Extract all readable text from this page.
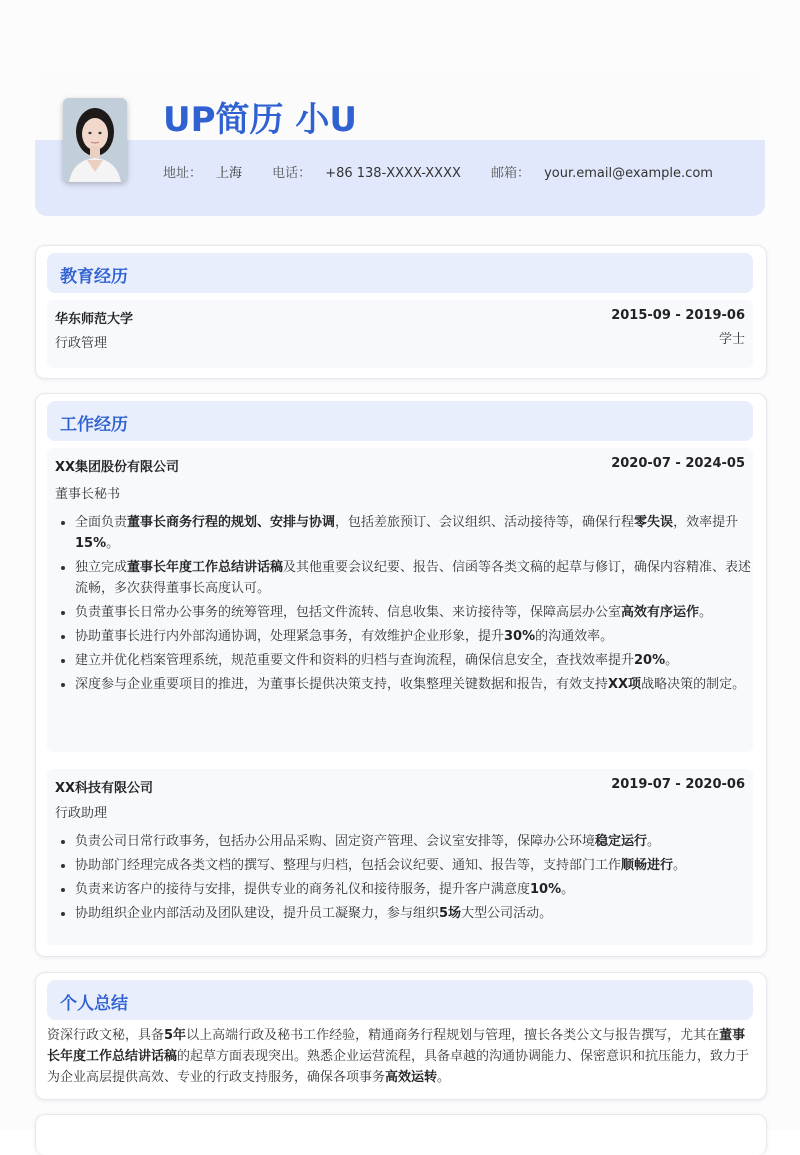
UP简历 小U
地址： 上海 电话： +86 138-XXXX-XXXX 邮箱： your.email@example.com
教育经历
华东师范大学	2015-09 - 2019-06
行政管理	学士
工作经历
XX集团股份有限公司	2020-07 - 2024-05
董事长秘书
• 全面负责董事长商务行程的规划、安排与协调，包括差旅预订、会议组织、活动接待等，确保行程零失误，效率提升15%。
• 独立完成董事长年度工作总结讲话稿及其他重要会议纪要、报告、信函等各类文稿的起草与修订，确保内容精准、表述流畅，多次获得董事长高度认可。
• 负责董事长日常办公事务的统筹管理，包括文件流转、信息收集、来访接待等，保障高层办公室高效有序运作。
• 协助董事长进行内外部沟通协调，处理紧急事务，有效维护企业形象，提升30%的沟通效率。
• 建立并优化档案管理系统，规范重要文件和资料的归档与查询流程，确保信息安全，查找效率提升20%。
• 深度参与企业重要项目的推进，为董事长提供决策支持，收集整理关键数据和报告，有效支持XX项战略决策的制定。
XX科技有限公司	2019-07 - 2020-06
行政助理
• 负责公司日常行政事务，包括办公用品采购、固定资产管理、会议室安排等，保障办公环境稳定运行。
• 协助部门经理完成各类文档的撰写、整理与归档，包括会议纪要、通知、报告等，支持部门工作顺畅进行。
• 负责来访客户的接待与安排，提供专业的商务礼仪和接待服务，提升客户满意度10%。
• 协助组织企业内部活动及团队建设，提升员工凝聚力，参与组织5场大型公司活动。
个人总结
资深行政文秘，具备5年以上高端行政及秘书工作经验，精通商务行程规划与管理，擅长各类公文与报告撰写，尤其在董事长年度工作总结讲话稿的起草方面表现突出。熟悉企业运营流程，具备卓越的沟通协调能力、保密意识和抗压能力，致力于为企业高层提供高效、专业的行政支持服务，确保各项事务高效运转。
